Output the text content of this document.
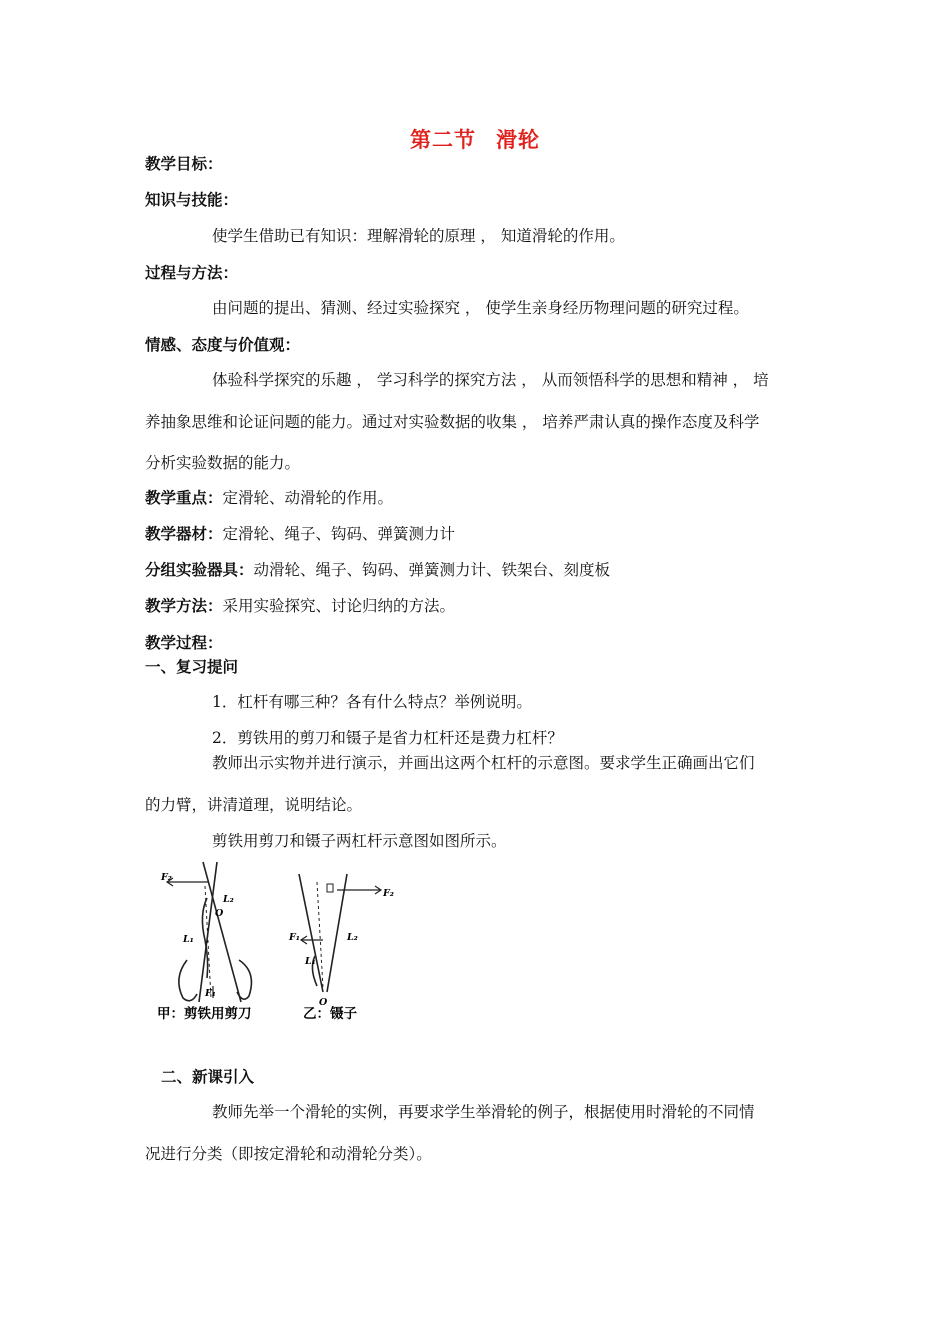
第二节 滑轮
教学目标：
知识与技能：
使学生借助已有知识：理解滑轮的原理 ， 知道滑轮的作用。
过程与方法：
由问题的提出、猜测、经过实验探究 ， 使学生亲身经历物理问题的研究过程。
情感、态度与价值观：
体验科学探究的乐趣 ， 学习科学的探究方法 ， 从而领悟科学的思想和精神 ， 培
养抽象思维和论证问题的能力。通过对实验数据的收集 ， 培养严肃认真的操作态度及科学
分析实验数据的能力。
教学重点：定滑轮、动滑轮的作用。
教学器材：定滑轮、绳子、钩码、弹簧测力计
分组实验器具：动滑轮、绳子、钩码、弹簧测力计、铁架台、刻度板
教学方法：采用实验探究、讨论归纳的方法。
教学过程：
一、复习提问
1．杠杆有哪三种？各有什么特点？举例说明。
2．剪铁用的剪刀和镊子是省力杠杆还是费力杠杆？
教师出示实物并进行演示，并画出这两个杠杆的示意图。要求学生正确画出它们
的力臂，讲清道理，说明结论。
剪铁用剪刀和镊子两杠杆示意图如图所示。
F₂
L₂
O
L₁
F₁
F₂
F₁	L₂
L₁
O
甲：剪铁用剪刀	乙：镊子
二、新课引入
教师先举一个滑轮的实例，再要求学生举滑轮的例子，根据使用时滑轮的不同情
况进行分类（即按定滑轮和动滑轮分类）。
